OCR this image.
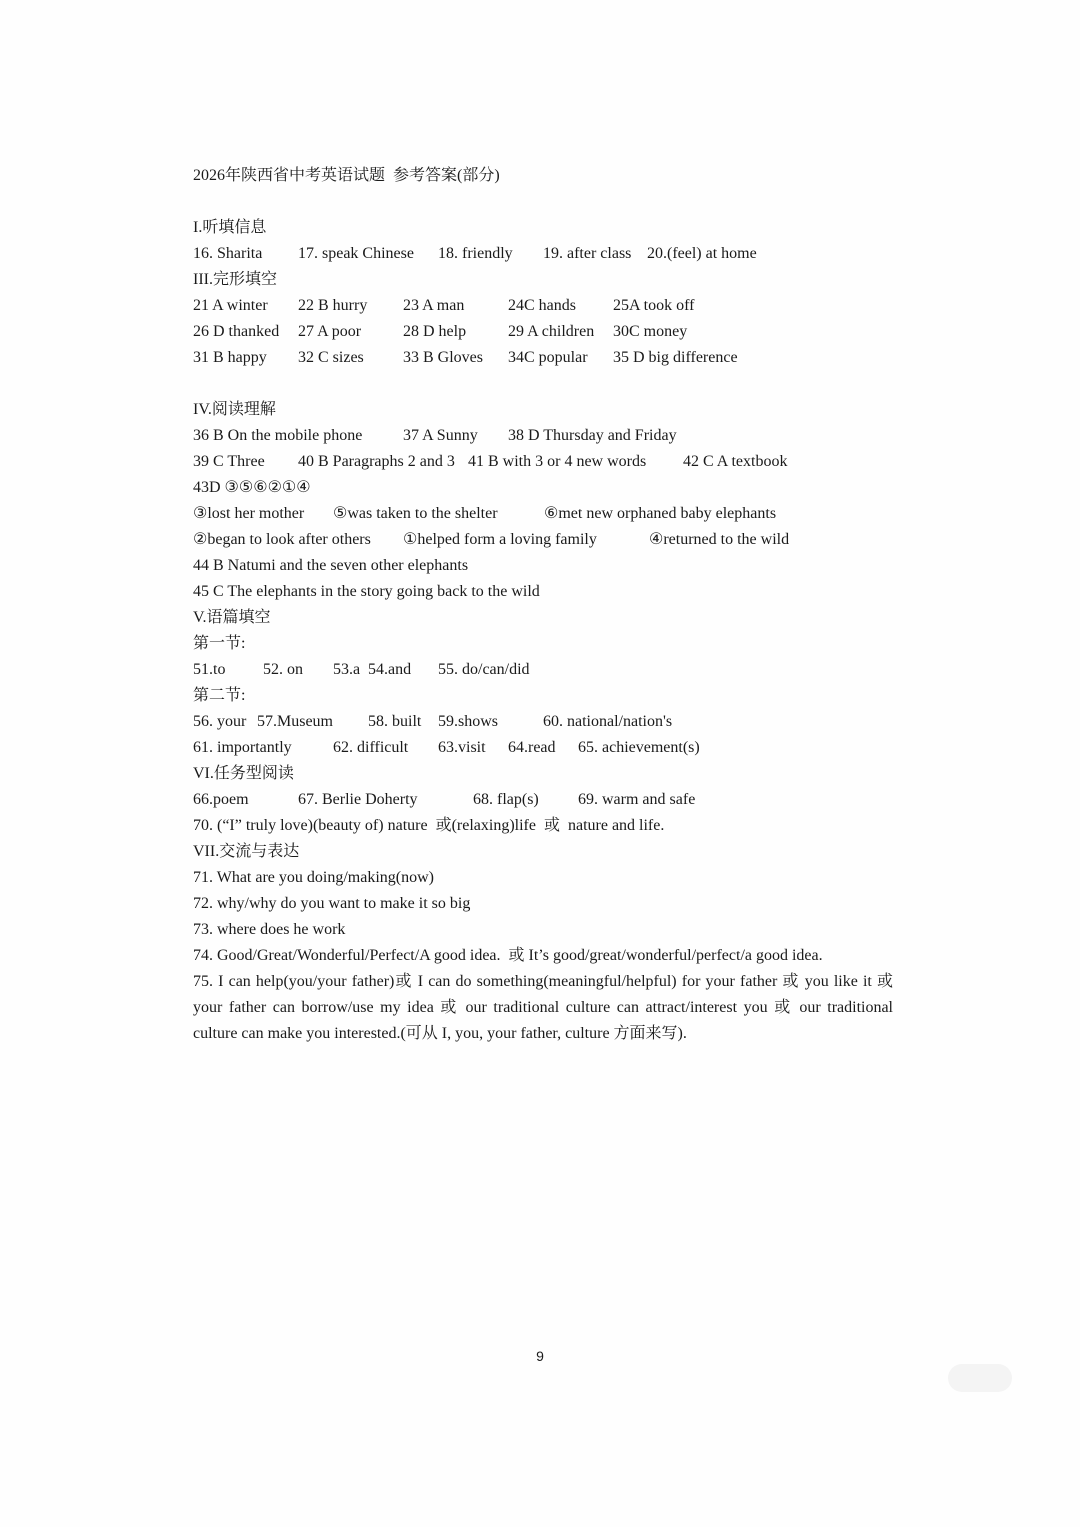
2026年陕西省中考英语试题  参考答案(部分)
I.听填信息
16. Sharita	17. speak Chinese	18. friendly	19. after class 20.(feel) at home
III.完形填空
21 A winter	22 B hurry	23 A man	24C hands	25A took off
26 D thanked	27 A poor	28 D help	29 A children	30C money
31 B happy	32 C sizes	33 B Gloves	34C popular	35 D big difference
IV.阅读理解
36 B On the mobile phone	37 A Sunny	38 D Thursday and Friday
39 C Three	40 B Paragraphs 2 and 3 41 B with 3 or 4 new words	42 C A textbook
43D ③⑤⑥②①④
③lost her mother	⑤was taken to the shelter	⑥met new orphaned baby elephants
②began to look after others	①helped form a loving family	④returned to the wild
44 B Natumi and the seven other elephants
45 C The elephants in the story going back to the wild
V.语篇填空
第一节:
51.to	52. on	53.a 54.and	55. do/can/did
第二节:
56. your 57.Museum	58. built	59.shows	60. national/nation's
61. importantly	62. difficult	63.visit	64.read	65. achievement(s)
VI.任务型阅读
66.poem	67. Berlie Doherty	68. flap(s)	69. warm and safe
70. (“I” truly love)(beauty of) nature  或(relaxing)life  或  nature and life.
VII.交流与表达
71. What are you doing/making(now)
72. why/why do you want to make it so big
73. where does he work
74. Good/Great/Wonderful/Perfect/A good idea.  或 It’s good/great/wonderful/perfect/a good idea.
75. I can help(you/your father)或 I can do something(meaningful/helpful) for your father 或 you like it 或 your father can borrow/use my idea 或 our traditional culture can attract/interest you 或 our traditional culture can make you interested.(可从 I, you, your father, culture 方面来写).
9
